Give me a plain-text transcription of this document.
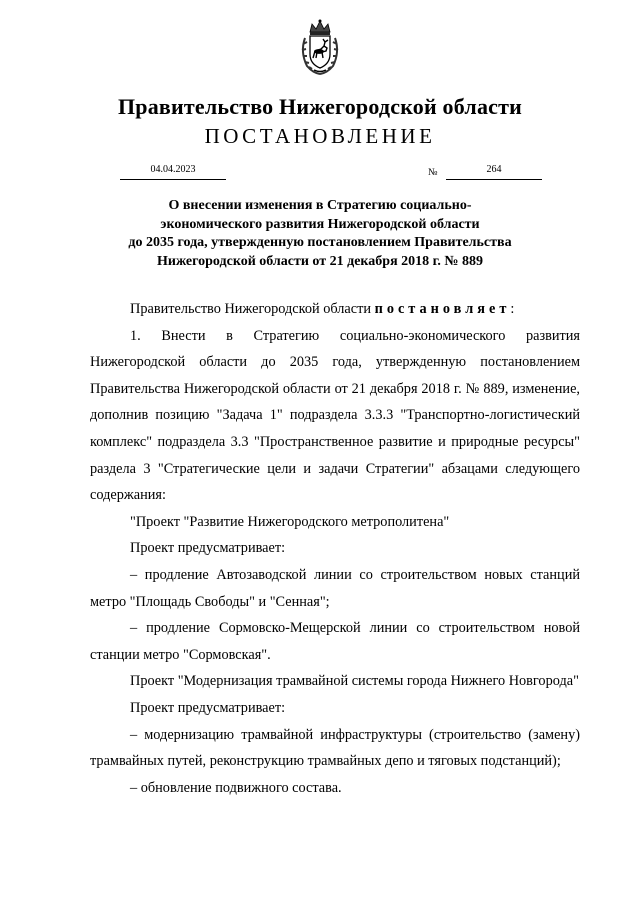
Правительство Нижегородской области
ПОСТАНОВЛЕНИЕ
04.04.2023	№	264
О внесении изменения в Стратегию социально-
экономического развития Нижегородской области
до 2035 года, утвержденную постановлением Правительства
Нижегородской области от 21 декабря 2018 г. № 889

Правительство Нижегородской области постановляет:

1. Внести в Стратегию социально-экономического развития Нижегородской области до 2035 года, утвержденную постановлением Правительства Нижегородской области от 21 декабря 2018 г. № 889, изменение, дополнив позицию "Задача 1" подраздела 3.3.3 "Транспортно-логистический комплекс" подраздела 3.3 "Пространственное развитие и природные ресурсы" раздела 3 "Стратегические цели и задачи Стратегии" абзацами следующего содержания:

"Проект "Развитие Нижегородского метрополитена"

Проект предусматривает:

– продление Автозаводской линии со строительством новых станций метро "Площадь Свободы" и "Сенная";

– продление Сормовско-Мещерской линии со строительством новой станции метро "Сормовская".

Проект "Модернизация трамвайной системы города Нижнего Новгорода"

Проект предусматривает:

– модернизацию трамвайной инфраструктуры (строительство (замену) трамвайных путей, реконструкцию трамвайных депо и тяговых подстанций);

– обновление подвижного состава.
